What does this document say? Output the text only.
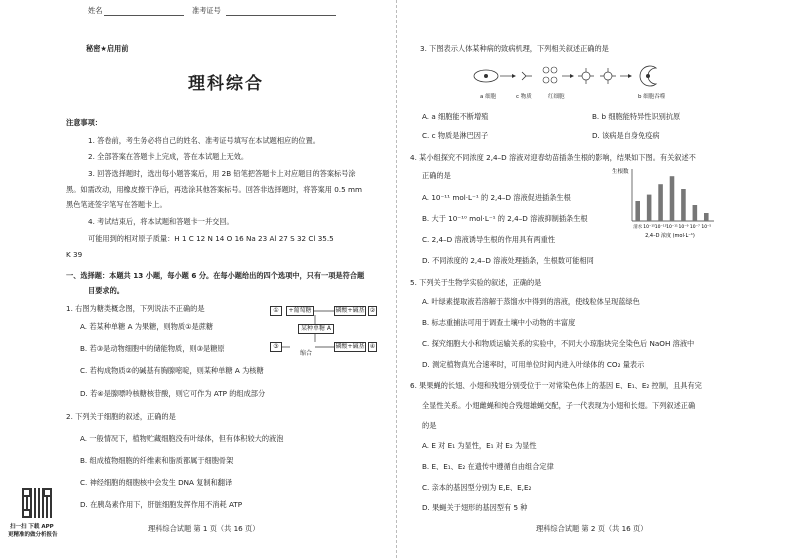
姓名	准考证号
秘密★启用前
理科综合
注意事项：
1. 答卷前，考生务必将自己的姓名、准考证号填写在本试题相应的位置。
2. 全部答案在答题卡上完成，答在本试题上无效。
3. 回答选择题时，选出每小题答案后，用 2B 铅笔把答题卡上对应题目的答案标号涂
黑。如需改动，用橡皮擦干净后，再选涂其他答案标号。回答非选择题时，将答案用 0.5 mm
黑色笔迹签字笔写在答题卡上。
4. 考试结束后，将本试题和答题卡一并交回。
可能用到的相对原子质量：H 1 C 12 N 14 O 16 Na 23 Al 27 S 32 Cl 35.5
K 39
一、选择题：本题共 13 小题，每小题 6 分。在每小题给出的四个选项中，只有一项是符合题
目要求的。
1. 右图为糖类概念图，下列说法不正确的是
A. 若某种单糖 A 为果糖，则物质①是蔗糖
B. 若③是动物细胞中的储能物质，则③是糖原
C. 若构成物质②的碱基有胸腺嘧啶，则某种单糖 A 为核糖
D. 若④是腺嘌呤核糖核苷酸，则它可作为 ATP 的组成部分
①	+葡萄糖	磷酸+碱基 ②
某种单糖 A
③
缩合
磷酸+碱基 ④
2. 下列关于细胞的叙述，正确的是
A. 一般情况下，植物贮藏细胞没有叶绿体，但有体积较大的液泡
B. 组成植物细胞的纤维素和脂质都属于细胞骨架
C. 神经细胞的细胞核中会发生 DNA 复制和翻译
D. 在胰岛素作用下，肝脏细胞发挥作用不消耗 ATP
扫一扫 下载 APP
更精准的做分析报告
理科综合试题 第 1 页（共 16 页）
3. 下图表示人体某种病的致病机理，下列相关叙述正确的是
a 细胞	c 物质	红细胞	b 细胞吞噬
A. a 细胞能不断增殖	B. b 细胞能特异性识别抗原
C. c 物质是淋巴因子	D. 该病是自身免疫病
4. 某小组探究不同浓度 2,4–D 溶液对迎春幼苗插条生根的影响，结果如下图。有关叙述不
正确的是
A. 10⁻¹¹ mol·L⁻¹ 的 2,4–D 溶液促进插条生根
B. 大于 10⁻¹⁰ mol·L⁻¹ 的 2,4–D 溶液抑制插条生根
C. 2,4–D 溶液诱导生根的作用具有两重性
D. 不同浓度的 2,4–D 溶液处理插条，生根数可能相同
生根数
清水 10⁻¹⁵ 10⁻¹³ 10⁻¹¹ 10⁻⁹ 10⁻⁷ 10⁻⁵
2,4–D 浓度 (mol·L⁻¹)
5. 下列关于生物学实验的叙述，正确的是
A. 叶绿素提取液若溶解于蒸馏水中得到的溶液，使线粒体呈现蓝绿色
B. 标志重捕法可用于调查土壤中小动物的丰富度
C. 探究细胞大小和物质运输关系的实验中，不同大小琼脂块完全染色后 NaOH 溶液中
D. 测定植物真光合速率时，可用单位时间内进入叶绿体的 CO₂ 量表示
6. 果果蝇的长翅、小翅和残翅分别受位于一对常染色体上的基因 E、E₁、E₂ 控制，且具有完
全显性关系。小翅雌蝇和纯合残翅雄蝇交配，子一代表现为小翅和长翅。下列叙述正确
的是
A. E 对 E₁ 为显性，E₁ 对 E₂ 为显性
B. E、E₁、E₂ 在遗传中遵循自由组合定律
C. 亲本的基因型分别为 E,E、E,E₂
D. 果蝇关于翅形的基因型有 5 种
理科综合试题 第 2 页（共 16 页）
